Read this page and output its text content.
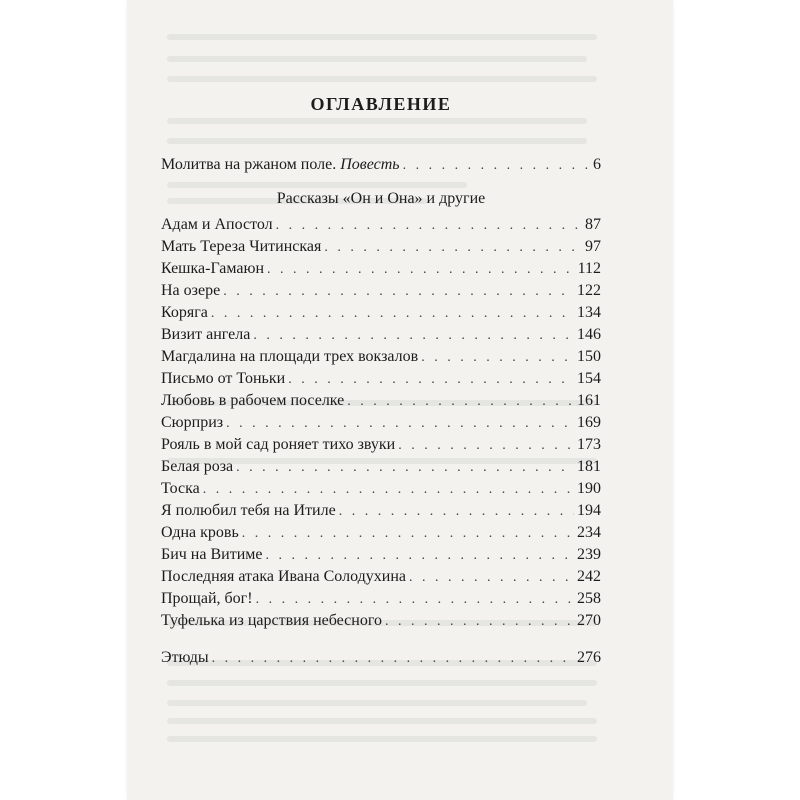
ОГЛАВЛЕНИЕ
Молитва на ржаном поле. Повесть . . .	6
Рассказы «Он и Она» и другие
Адам и Апостол . . .	87
Мать Тереза Читинская . . .	97
Кешка-Гамаюн . . .	112
На озере . . .	122
Коряга . . .	134
Визит ангела . . .	146
Магдалина на площади трех вокзалов . . .	150
Письмо от Тоньки . . .	154
Любовь в рабочем поселке . . .	161
Сюрприз . . .	169
Рояль в мой сад роняет тихо звуки . . .	173
Белая роза . . .	181
Тоска . . .	190
Я полюбил тебя на Итиле . . .	194
Одна кровь . . .	234
Бич на Витиме . . .	239
Последняя атака Ивана Солодухина . . .	242
Прощай, бог! . . .	258
Туфелька из царствия небесного . . .	270
Этюды . . .	276
